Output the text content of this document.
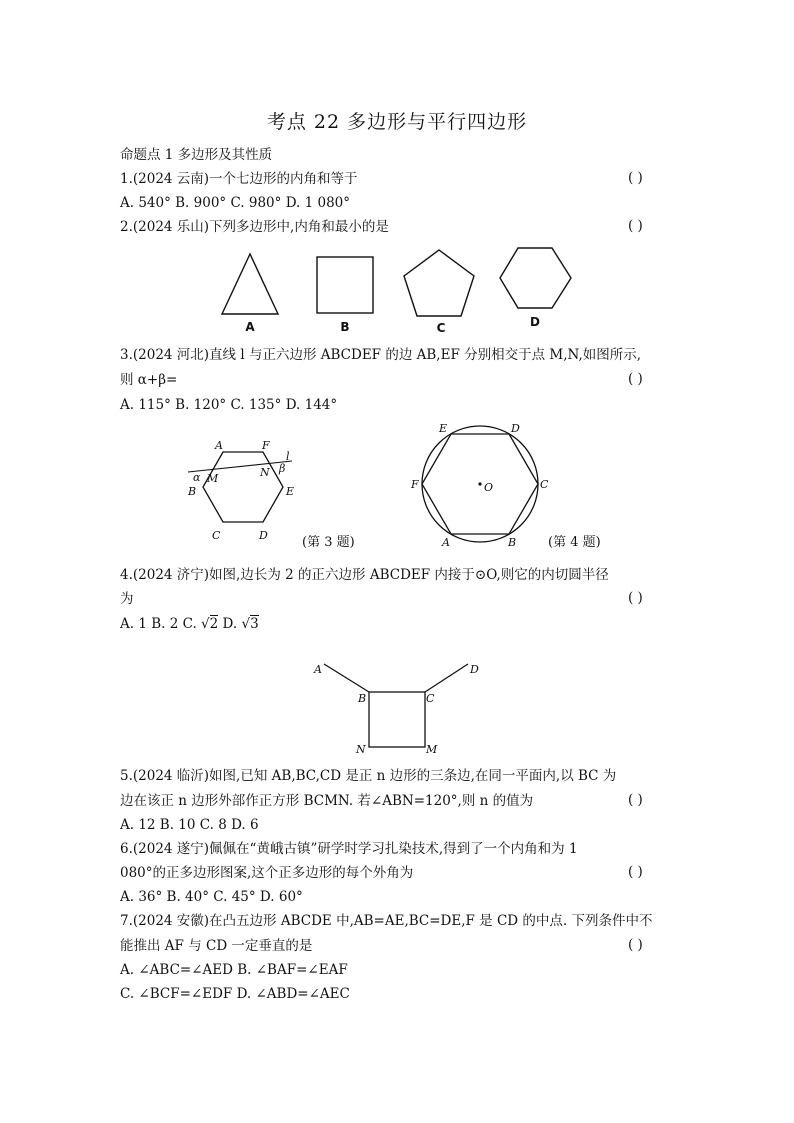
考点 22 多边形与平行四边形
命题点 1 多边形及其性质
1.(2024 云南)一个七边形的内角和等于	( )
A. 540° B. 900° C. 980° D. 1 080°
2.(2024 乐山)下列多边形中,内角和最小的是	( )
A	B	C	D
3.(2024 河北)直线 l 与正六边形 ABCDEF 的边 AB,EF 分别相交于点 M,N,如图所示,
则 α+β=	( )
A. 115° B. 120° C. 135° D. 144°
A	F
l
α M	N β
B	E
C	D	(第 3 题)
E	D
F	O	C
A	B (第 4 题)
4.(2024 济宁)如图,边长为 2 的正六边形 ABCDEF 内接于⊙O,则它的内切圆半径
为	( )
A. 1 B. 2 C. √2 D. √3
A	D
B	C
N	M
5.(2024 临沂)如图,已知 AB,BC,CD 是正 n 边形的三条边,在同一平面内,以 BC 为
边在该正 n 边形外部作正方形 BCMN. 若∠ABN=120°,则 n 的值为	( )
A. 12 B. 10 C. 8 D. 6
6.(2024 遂宁)佩佩在“黄峨古镇”研学时学习扎染技术,得到了一个内角和为 1
080°的正多边形图案,这个正多边形的每个外角为	( )
A. 36° B. 40° C. 45° D. 60°
7.(2024 安徽)在凸五边形 ABCDE 中,AB=AE,BC=DE,F 是 CD 的中点. 下列条件中不
能推出 AF 与 CD 一定垂直的是	( )
A. ∠ABC=∠AED B. ∠BAF=∠EAF
C. ∠BCF=∠EDF D. ∠ABD=∠AEC
